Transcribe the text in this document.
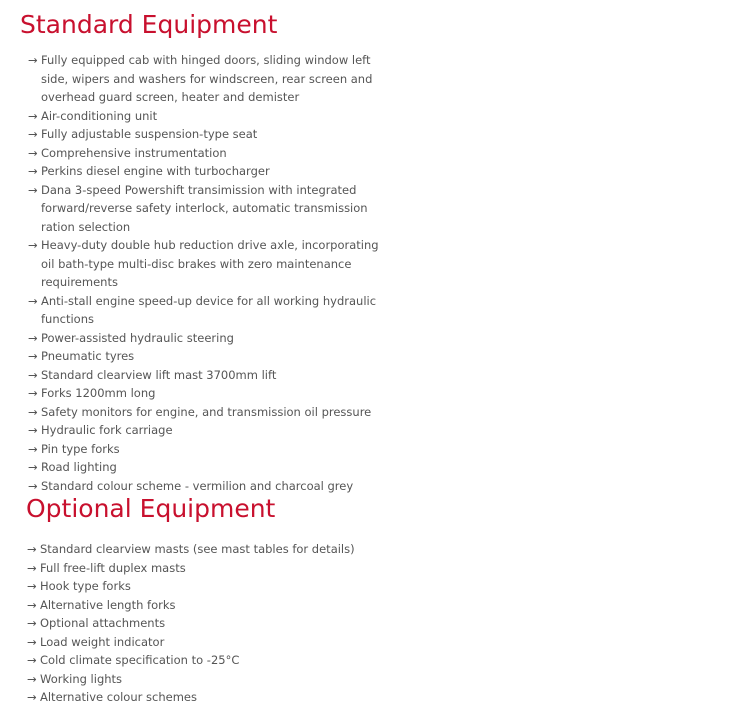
Standard Equipment
→ Fully equipped cab with hinged doors, sliding window left side, wipers and washers for windscreen, rear screen and overhead guard screen, heater and demister
→ Air-conditioning unit
→ Fully adjustable suspension-type seat
→ Comprehensive instrumentation
→ Perkins diesel engine with turbocharger
→ Dana 3-speed Powershift transimission with integrated forward/reverse safety interlock, automatic transmission ration selection
→ Heavy-duty double hub reduction drive axle, incorporating oil bath-type multi-disc brakes with zero maintenance requirements
→ Anti-stall engine speed-up device for all working hydraulic functions
→ Power-assisted hydraulic steering
→ Pneumatic tyres
→ Standard clearview lift mast 3700mm lift
→ Forks 1200mm long
→ Safety monitors for engine, and transmission oil pressure
→ Hydraulic fork carriage
→ Pin type forks
→ Road lighting
→ Standard colour scheme - vermilion and charcoal grey
Optional Equipment
→ Standard clearview masts (see mast tables for details)
→ Full free-lift duplex masts
→ Hook type forks
→ Alternative length forks
→ Optional attachments
→ Load weight indicator
→ Cold climate specification to -25°C
→ Working lights
→ Alternative colour schemes
